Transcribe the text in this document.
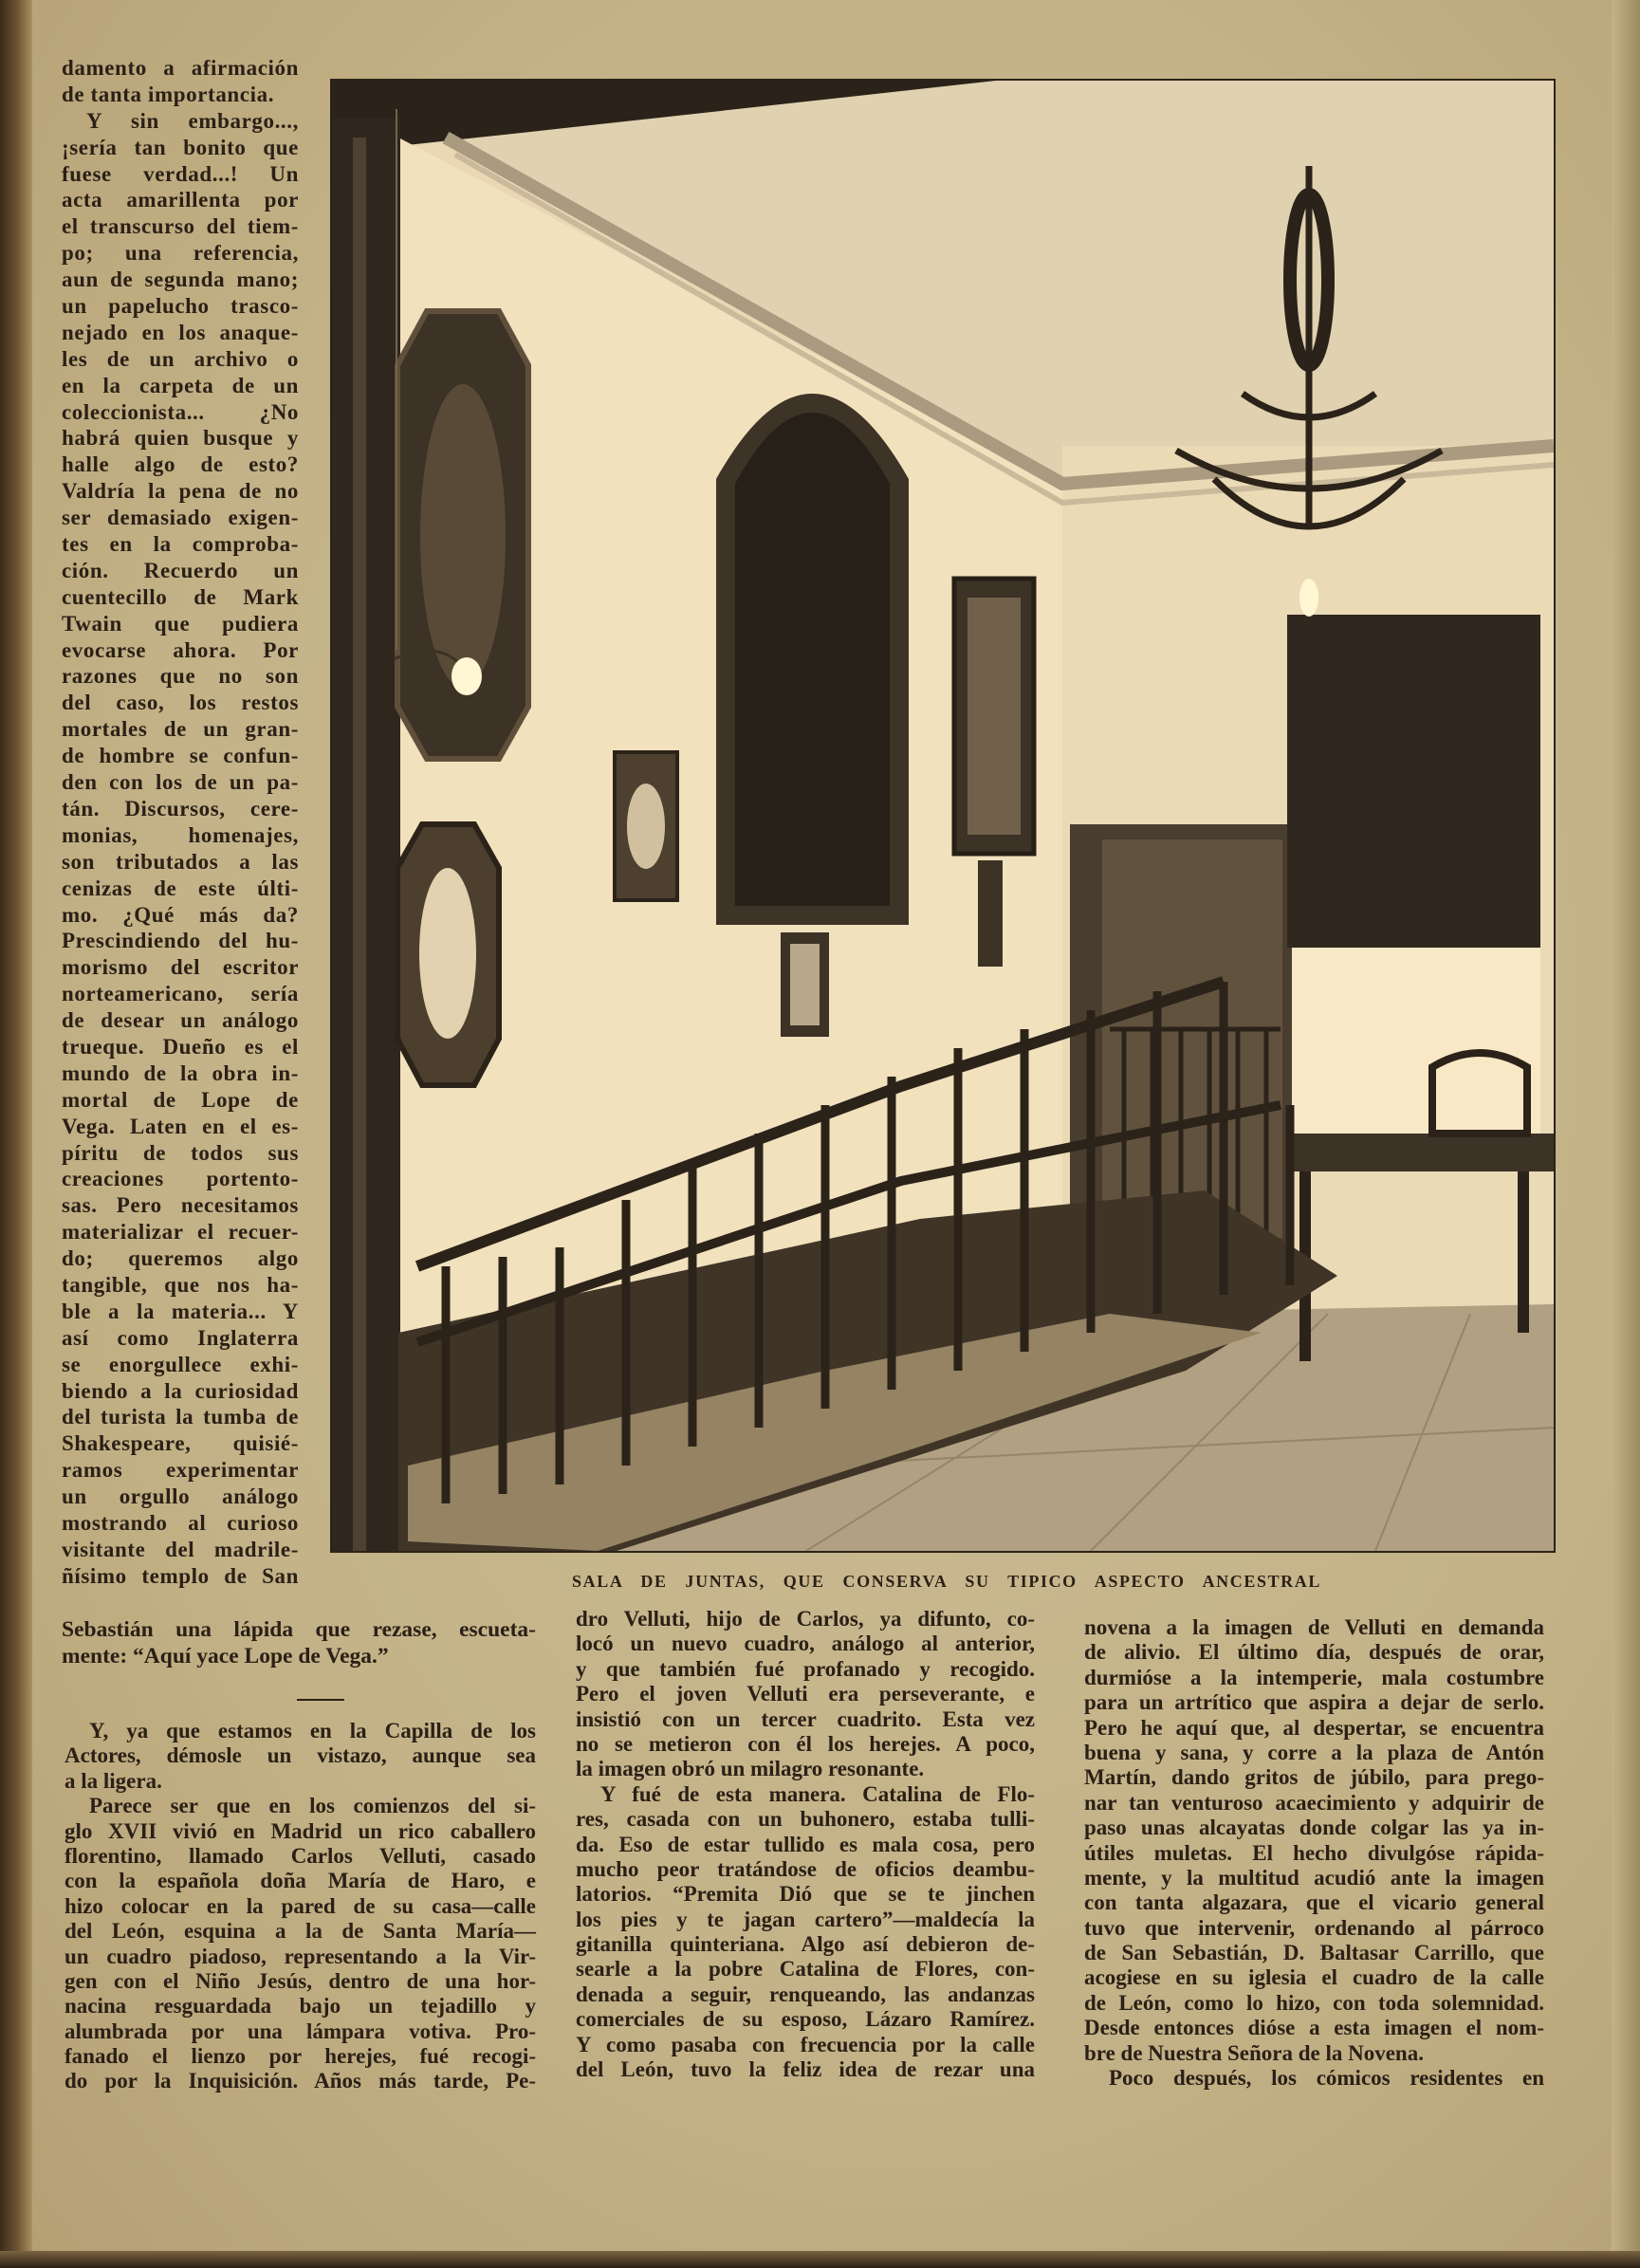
damento a afirmación
de tanta importancia.
Y sin embargo...,
¡sería tan bonito que
fuese verdad...! Un
acta amarillenta por
el transcurso del tiem-
po; una referencia,
aun de segunda mano;
un papelucho trasco-
nejado en los anaque-
les de un archivo o
en la carpeta de un
coleccionista... ¿No
habrá quien busque y
halle algo de esto?
Valdría la pena de no
ser demasiado exigen-
tes en la comproba-
ción. Recuerdo un
cuentecillo de Mark
Twain que pudiera
evocarse ahora. Por
razones que no son
del caso, los restos
mortales de un gran-
de hombre se confun-
den con los de un pa-
tán. Discursos, cere-
monias, homenajes,
son tributados a las
cenizas de este últi-
mo. ¿Qué más da?
Prescindiendo del hu-
morismo del escritor
norteamericano, sería
de desear un análogo
trueque. Dueño es el
mundo de la obra in-
mortal de Lope de
Vega. Laten en el es-
píritu de todos sus
creaciones portento-
sas. Pero necesitamos
materializar el recuer-
do; queremos algo
tangible, que nos ha-
ble a la materia... Y
así como Inglaterra
se enorgullece exhi-
biendo a la curiosidad
del turista la tumba de
Shakespeare, quisié-
ramos experimentar
un orgullo análogo
mostrando al curioso
visitante del madrile-
ñísimo templo de San
Sebastián una lápida que rezase, escueta-
mente: “Aquí yace Lope de Vega.”
SALA DE JUNTAS, QUE CONSERVA SU TIPICO ASPECTO ANCESTRAL
Y, ya que estamos en la Capilla de los
Actores, démosle un vistazo, aunque sea
a la ligera.
Parece ser que en los comienzos del si-
glo XVII vivió en Madrid un rico caballero
florentino, llamado Carlos Velluti, casado
con la española doña María de Haro, e
hizo colocar en la pared de su casa—calle
del León, esquina a la de Santa María—
un cuadro piadoso, representando a la Vir-
gen con el Niño Jesús, dentro de una hor-
nacina resguardada bajo un tejadillo y
alumbrada por una lámpara votiva. Pro-
fanado el lienzo por herejes, fué recogi-
do por la Inquisición. Años más tarde, Pe-
dro Velluti, hijo de Carlos, ya difunto, co-
locó un nuevo cuadro, análogo al anterior,
y que también fué profanado y recogido.
Pero el joven Velluti era perseverante, e
insistió con un tercer cuadrito. Esta vez
no se metieron con él los herejes. A poco,
la imagen obró un milagro resonante.
Y fué de esta manera. Catalina de Flo-
res, casada con un buhonero, estaba tulli-
da. Eso de estar tullido es mala cosa, pero
mucho peor tratándose de oficios deambu-
latorios. “Premita Dió que se te jinchen
los pies y te jagan cartero”—maldecía la
gitanilla quinteriana. Algo así debieron de-
searle a la pobre Catalina de Flores, con-
denada a seguir, renqueando, las andanzas
comerciales de su esposo, Lázaro Ramírez.
Y como pasaba con frecuencia por la calle
del León, tuvo la feliz idea de rezar una
novena a la imagen de Velluti en demanda
de alivio. El último día, después de orar,
durmióse a la intemperie, mala costumbre
para un artrítico que aspira a dejar de serlo.
Pero he aquí que, al despertar, se encuentra
buena y sana, y corre a la plaza de Antón
Martín, dando gritos de júbilo, para prego-
nar tan venturoso acaecimiento y adquirir de
paso unas alcayatas donde colgar las ya in-
útiles muletas. El hecho divulgóse rápida-
mente, y la multitud acudió ante la imagen
con tanta algazara, que el vicario general
tuvo que intervenir, ordenando al párroco
de San Sebastián, D. Baltasar Carrillo, que
acogiese en su iglesia el cuadro de la calle
de León, como lo hizo, con toda solemnidad.
Desde entonces dióse a esta imagen el nom-
bre de Nuestra Señora de la Novena.
Poco después, los cómicos residentes en
